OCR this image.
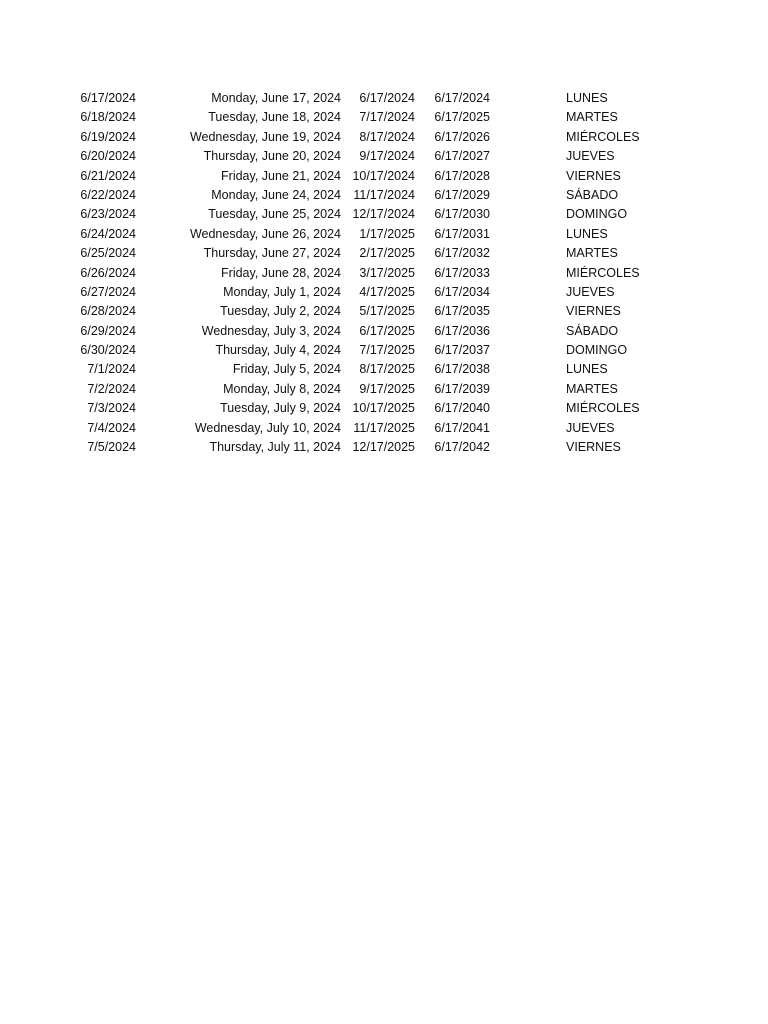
6/17/2024	Monday, June 17, 2024 6/17/2024 6/17/2024	LUNES
6/18/2024	Tuesday, June 18, 2024 7/17/2024 6/17/2025	MARTES
6/19/2024	Wednesday, June 19, 2024 8/17/2024 6/17/2026	MIÉRCOLES
6/20/2024	Thursday, June 20, 2024 9/17/2024 6/17/2027	JUEVES
6/21/2024	Friday, June 21, 2024 10/17/2024 6/17/2028	VIERNES
6/22/2024	Monday, June 24, 2024 11/17/2024 6/17/2029	SÁBADO
6/23/2024	Tuesday, June 25, 2024 12/17/2024 6/17/2030	DOMINGO
6/24/2024	Wednesday, June 26, 2024 1/17/2025 6/17/2031	LUNES
6/25/2024	Thursday, June 27, 2024 2/17/2025 6/17/2032	MARTES
6/26/2024	Friday, June 28, 2024 3/17/2025 6/17/2033	MIÉRCOLES
6/27/2024	Monday, July 1, 2024 4/17/2025 6/17/2034	JUEVES
6/28/2024	Tuesday, July 2, 2024 5/17/2025 6/17/2035	VIERNES
6/29/2024	Wednesday, July 3, 2024 6/17/2025 6/17/2036	SÁBADO
6/30/2024	Thursday, July 4, 2024 7/17/2025 6/17/2037	DOMINGO
7/1/2024	Friday, July 5, 2024 8/17/2025 6/17/2038	LUNES
7/2/2024	Monday, July 8, 2024 9/17/2025 6/17/2039	MARTES
7/3/2024	Tuesday, July 9, 2024 10/17/2025 6/17/2040	MIÉRCOLES
7/4/2024	Wednesday, July 10, 2024 11/17/2025 6/17/2041	JUEVES
7/5/2024	Thursday, July 11, 2024 12/17/2025 6/17/2042	VIERNES
